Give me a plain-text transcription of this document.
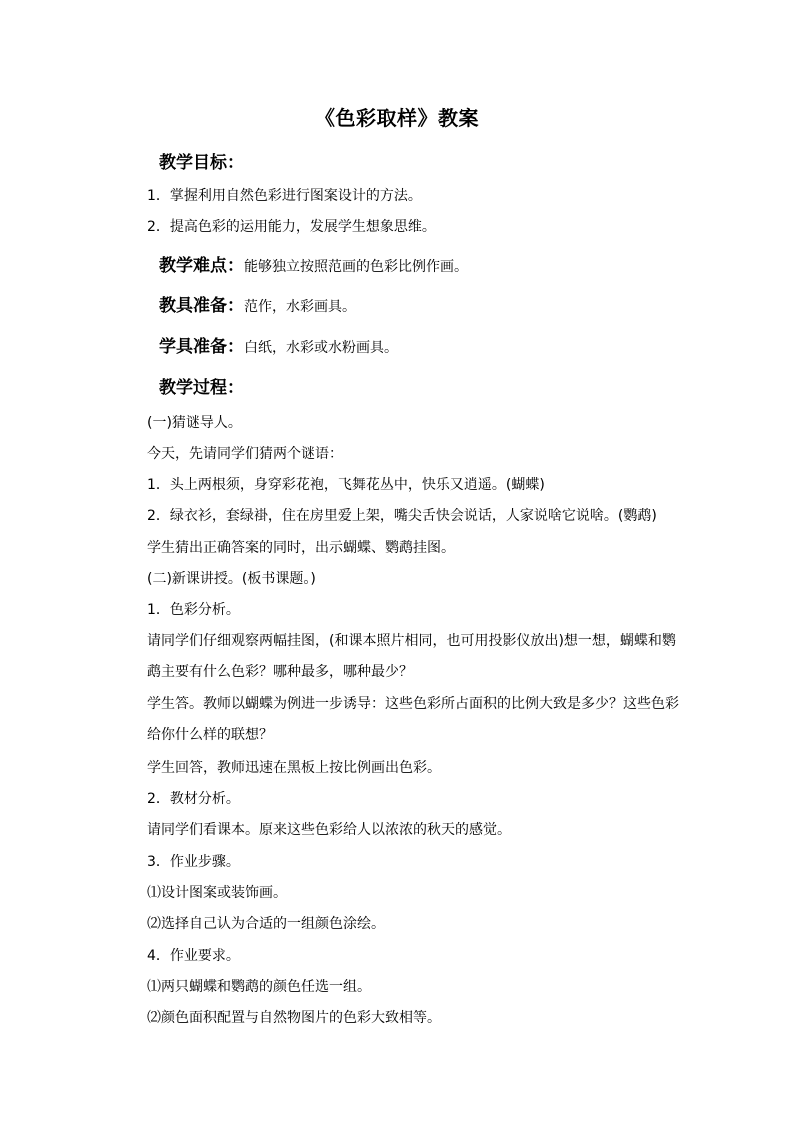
《色彩取样》教案
教学目标：
1．掌握利用自然色彩进行图案设计的方法。
2．提高色彩的运用能力，发展学生想象思维。
教学难点：能够独立按照范画的色彩比例作画。
教具准备：范作，水彩画具。
学具准备：白纸，水彩或水粉画具。
教学过程：
(一)猜谜导人。
今天，先请同学们猜两个谜语：
1．头上两根须，身穿彩花袍，飞舞花丛中，快乐又逍遥。(蝴蝶)
2．绿衣衫，套绿褂，住在房里爱上架，嘴尖舌快会说话，人家说啥它说啥。(鹦鹉)
学生猜出正确答案的同时，出示蝴蝶、鹦鹉挂图。
(二)新课讲授。(板书课题。)
1．色彩分析。
请同学们仔细观察两幅挂图，(和课本照片相同，也可用投影仪放出)想一想，蝴蝶和鹦鹉主要有什么色彩？哪种最多，哪种最少？
学生答。教师以蝴蝶为例进一步诱导：这些色彩所占面积的比例大致是多少？这些色彩给你什么样的联想？
学生回答，教师迅速在黑板上按比例画出色彩。
2．教材分析。
请同学们看课本。原来这些色彩给人以浓浓的秋天的感觉。
3．作业步骤。
⑴设计图案或装饰画。
⑵选择自己认为合适的一组颜色涂绘。
4．作业要求。
⑴两只蝴蝶和鹦鹉的颜色任选一组。
⑵颜色面积配置与自然物图片的色彩大致相等。
